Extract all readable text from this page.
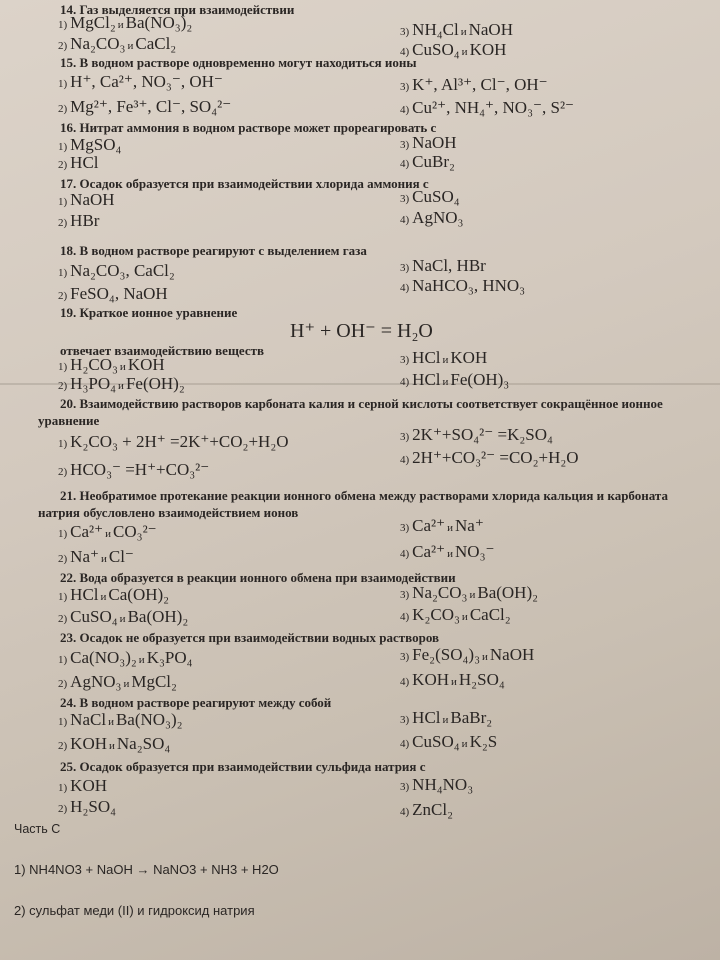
Часть С
1) NH4NO3 + NaOH → NaNO3 + NH3 + H2O
2) сульфат меди (II) и гидроксид натрия
14. Газ выделяется при взаимодействии
1) MgCl₂ и Ba(NO₃)₂
2) Na₂CO₃ и CaCl₂
3) NH₄Cl и NaOH
4) CuSO₄ и KOH
15. В водном растворе одновременно могут находиться ионы
1) H⁺, Ca²⁺, NO₃⁻, OH⁻
2) Mg²⁺, Fe³⁺, Cl⁻, SO₄²⁻
3) K⁺, Al³⁺, Cl⁻, OH⁻
4) Cu²⁺, NH₄⁺, NO₃⁻, S²⁻
16. Нитрат аммония в водном растворе может прореагировать с
1) MgSO₄
2) HCl
3) NaOH
4) CuBr₂
17. Осадок образуется при взаимодействии хлорида аммония с
1) NaOH
2) HBr
3) CuSO₄
4) AgNO₃
18. В водном растворе реагируют с выделением газа
1) Na₂CO₃, CaCl₂
2) FeSO₄, NaOH
3) NaCl, HBr
4) NaHCO₃, HNO₃
19. Краткое ионное уравнение
H⁺ + OH⁻ = H₂O
отвечает взаимодействию веществ
1) H₂CO₃ и KOH
2) H₃PO₄ и Fe(OH)₂
3) HCl и KOH
4) HCl и Fe(OH)₃
20. Взаимодействию растворов карбоната калия и серной кислоты соответствует сокращённое ионное
уравнение
1) K₂CO₃ + 2H⁺ =2K⁺+CO₂+H₂O
2) HCO₃⁻ =H⁺+CO₃²⁻
3) 2K⁺+SO₄²⁻ =K₂SO₄
4) 2H⁺+CO₃²⁻ =CO₂+H₂O
21. Необратимое протекание реакции ионного обмена между растворами хлорида кальция и карбоната
натрия обусловлено взаимодействием ионов
1) Ca²⁺ и CO₃²⁻
2) Na⁺ и Cl⁻
3) Ca²⁺ и Na⁺
4) Ca²⁺ и NO₃⁻
22. Вода образуется в реакции ионного обмена при взаимодействии
1) HCl и Ca(OH)₂
2) CuSO₄ и Ba(OH)₂
3) Na₂CO₃ и Ba(OH)₂
4) K₂CO₃ и CaCl₂
23. Осадок не образуется при взаимодействии водных растворов
1) Ca(NO₃)₂ и K₃PO₄
2) AgNO₃ и MgCl₂
3) Fe₂(SO₄)₃ и NaOH
4) KOH и H₂SO₄
24. В водном растворе реагируют между собой
1) NaCl и Ba(NO₃)₂
2) KOH и Na₂SO₄
3) HCl и BaBr₂
4) CuSO₄ и K₂S
25. Осадок образуется при взаимодействии сульфида натрия с
1) KOH
2) H₂SO₄
3) NH₄NO₃
4) ZnCl₂
